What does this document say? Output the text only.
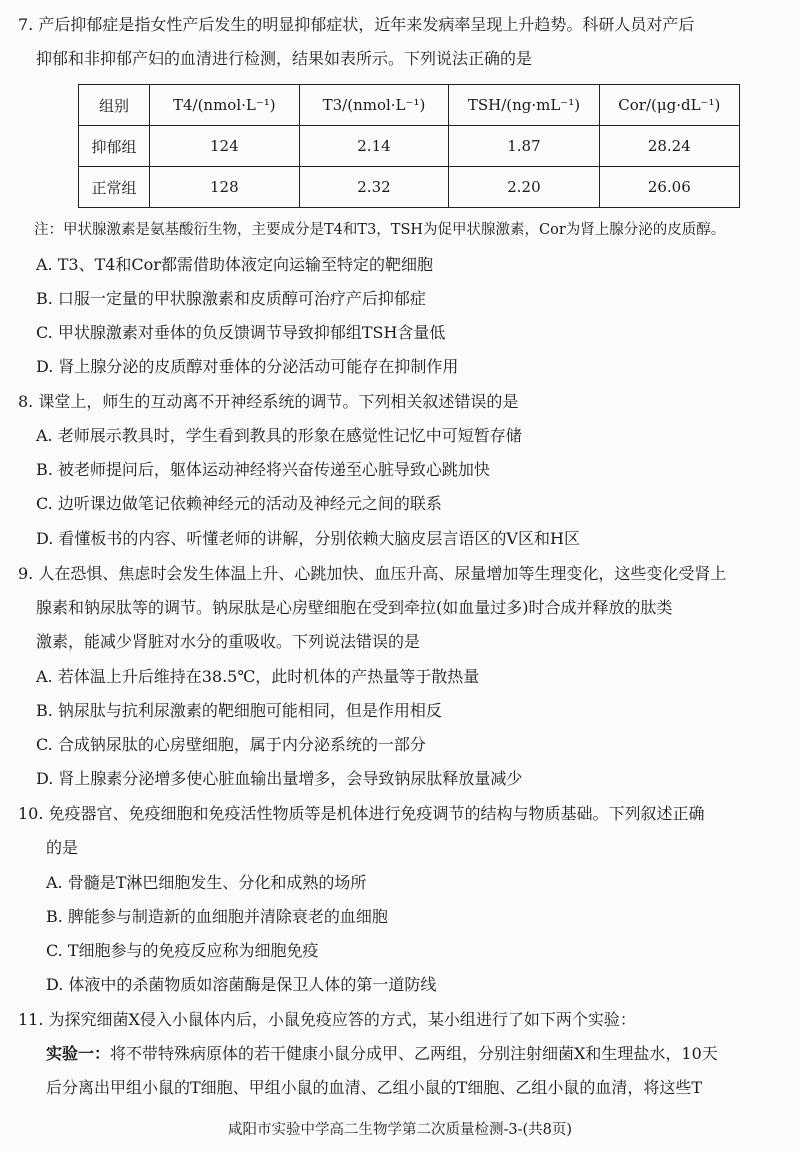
7. 产后抑郁症是指女性产后发生的明显抑郁症状，近年来发病率呈现上升趋势。科研人员对产后
抑郁和非抑郁产妇的血清进行检测，结果如表所示。下列说法正确的是
组别	T4/(nmol·L⁻¹)	T3/(nmol·L⁻¹)	TSH/(ng·mL⁻¹)	Cor/(μg·dL⁻¹)
抑郁组	124	2.14	1.87	28.24
正常组	128	2.32	2.20	26.06
注：甲状腺激素是氨基酸衍生物，主要成分是T4和T3，TSH为促甲状腺激素，Cor为肾上腺分泌的皮质醇。
A. T3、T4和Cor都需借助体液定向运输至特定的靶细胞
B. 口服一定量的甲状腺激素和皮质醇可治疗产后抑郁症
C. 甲状腺激素对垂体的负反馈调节导致抑郁组TSH含量低
D. 肾上腺分泌的皮质醇对垂体的分泌活动可能存在抑制作用
8. 课堂上，师生的互动离不开神经系统的调节。下列相关叙述错误的是
A. 老师展示教具时，学生看到教具的形象在感觉性记忆中可短暂存储
B. 被老师提问后，躯体运动神经将兴奋传递至心脏导致心跳加快
C. 边听课边做笔记依赖神经元的活动及神经元之间的联系
D. 看懂板书的内容、听懂老师的讲解，分别依赖大脑皮层言语区的V区和H区
9. 人在恐惧、焦虑时会发生体温上升、心跳加快、血压升高、尿量增加等生理变化，这些变化受肾上
腺素和钠尿肽等的调节。钠尿肽是心房壁细胞在受到牵拉(如血量过多)时合成并释放的肽类
激素，能减少肾脏对水分的重吸收。下列说法错误的是
A. 若体温上升后维持在38.5℃，此时机体的产热量等于散热量
B. 钠尿肽与抗利尿激素的靶细胞可能相同，但是作用相反
C. 合成钠尿肽的心房壁细胞，属于内分泌系统的一部分
D. 肾上腺素分泌增多使心脏血输出量增多，会导致钠尿肽释放量减少
10. 免疫器官、免疫细胞和免疫活性物质等是机体进行免疫调节的结构与物质基础。下列叙述正确
的是
A. 骨髓是T淋巴细胞发生、分化和成熟的场所
B. 脾能参与制造新的血细胞并清除衰老的血细胞
C. T细胞参与的免疫反应称为细胞免疫
D. 体液中的杀菌物质如溶菌酶是保卫人体的第一道防线
11. 为探究细菌X侵入小鼠体内后，小鼠免疫应答的方式，某小组进行了如下两个实验：
实验一：将不带特殊病原体的若干健康小鼠分成甲、乙两组，分别注射细菌X和生理盐水，10天
后分离出甲组小鼠的T细胞、甲组小鼠的血清、乙组小鼠的T细胞、乙组小鼠的血清，将这些T
咸阳市实验中学高二生物学第二次质量检测-3-(共8页)
